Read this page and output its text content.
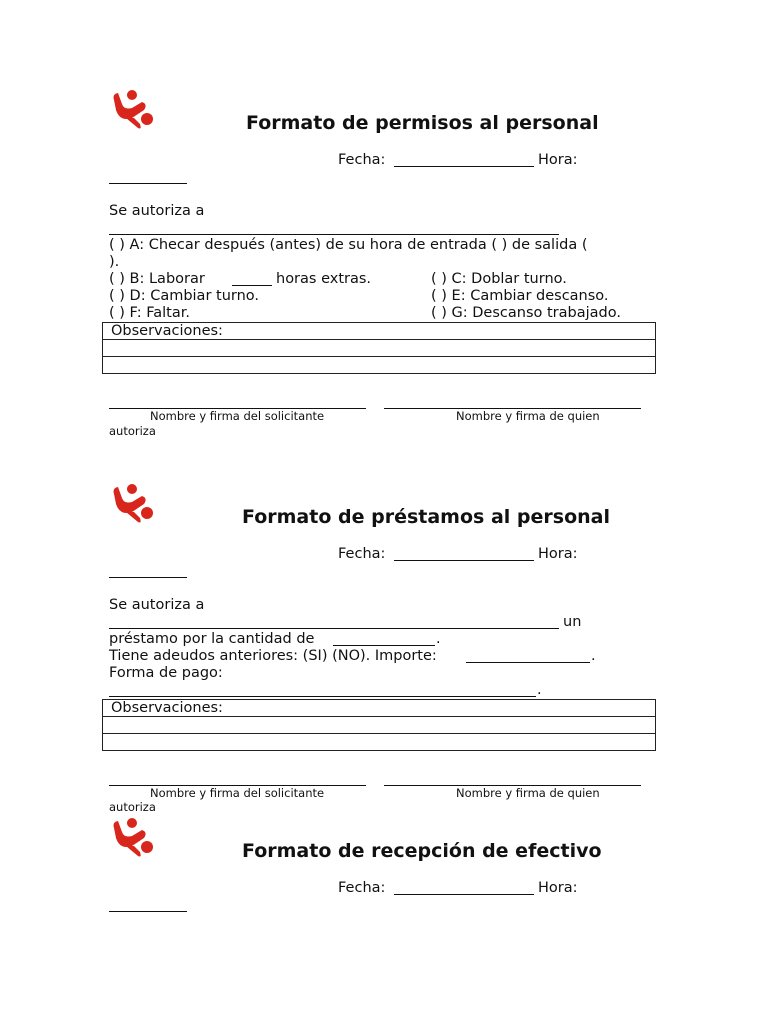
Formato de permisos al personal
Fecha:	Hora:
Se autoriza a
( ) A: Checar después (antes) de su hora de entrada ( ) de salida (
).
( ) B: Laborar	horas extras.	( ) C: Doblar turno.
( ) D: Cambiar turno.	( ) E: Cambiar descanso.
( ) F: Faltar.	( ) G: Descanso trabajado.
Observaciones:

Nombre y firma del solicitante	Nombre y firma de quien
autoriza
Formato de préstamos al personal
Fecha:	Hora:
Se autoriza a
un
préstamo por la cantidad de	.
Tiene adeudos anteriores: (SI) (NO). Importe:	.
Forma de pago:
.
Observaciones:

Nombre y firma del solicitante	Nombre y firma de quien
autoriza
Formato de recepción de efectivo
Fecha:	Hora:
